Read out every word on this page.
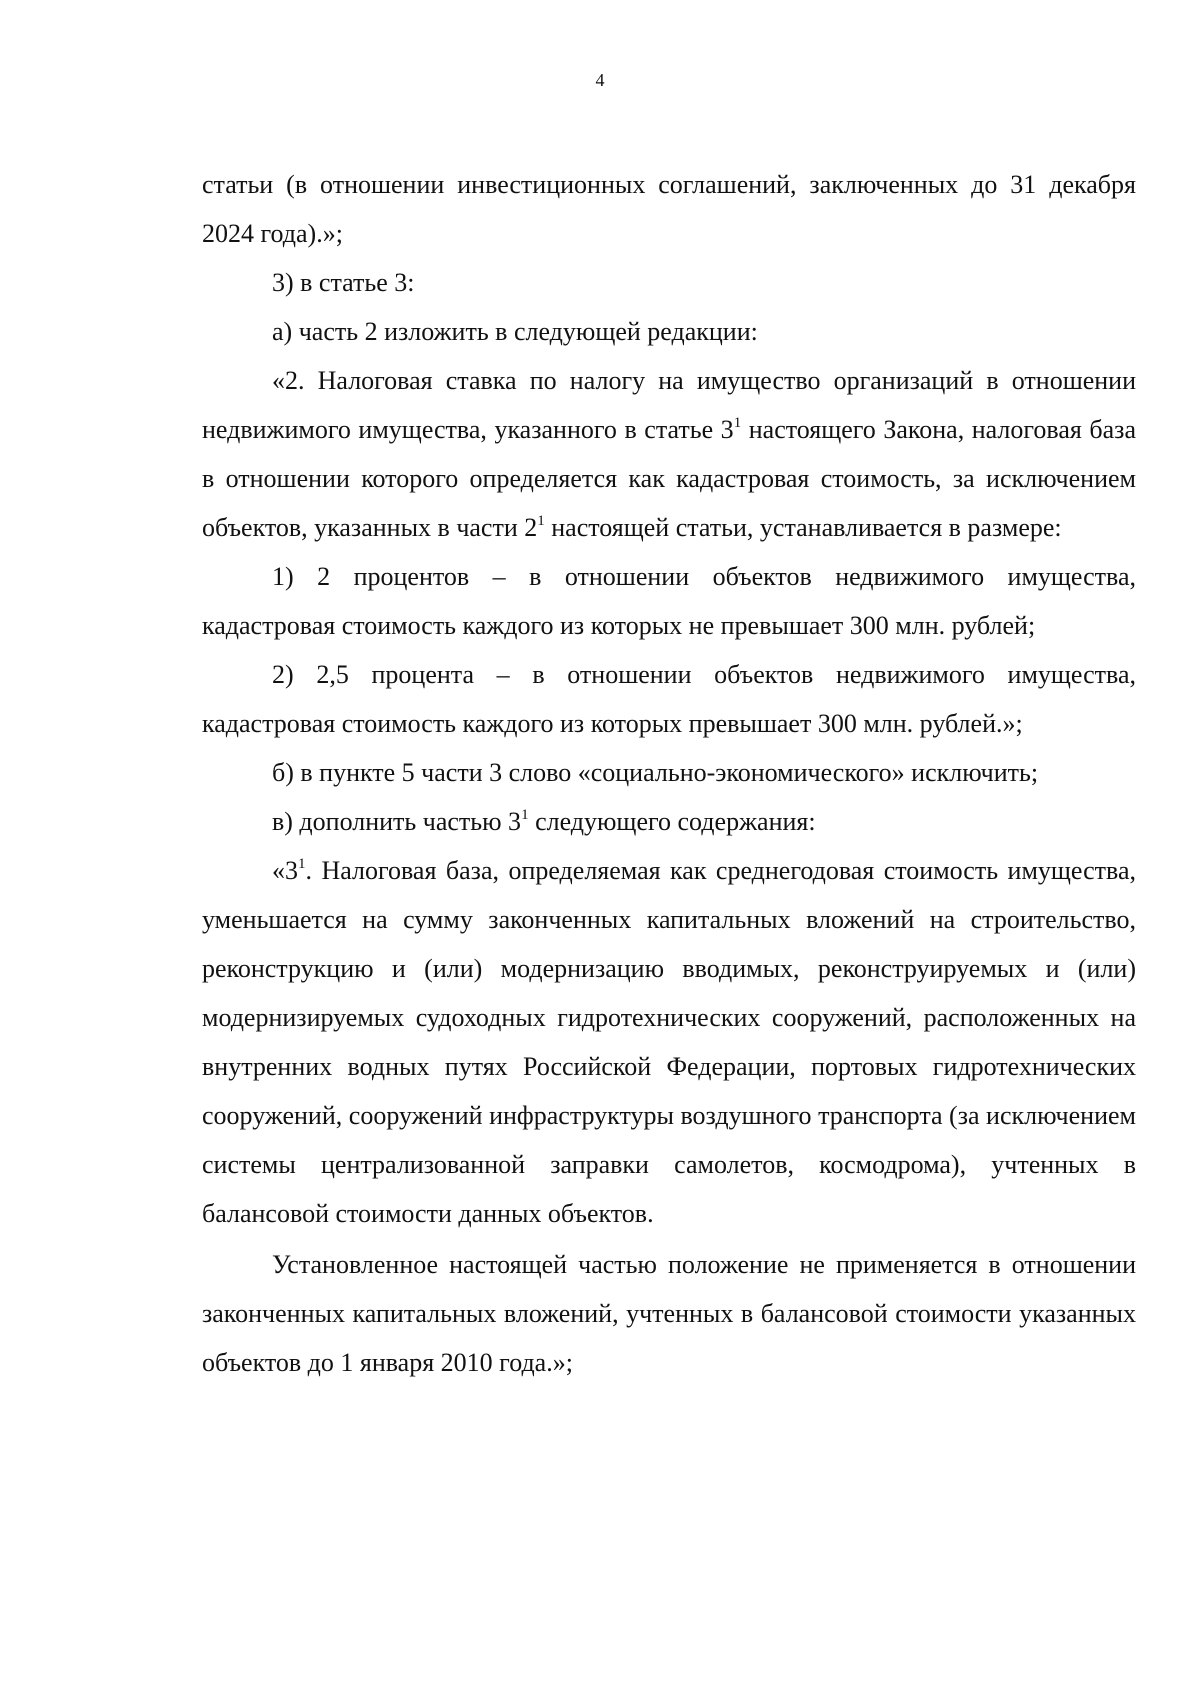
4

статьи (в отношении инвестиционных соглашений, заключенных до 31 декабря 2024 года).»;

3) в статье 3:

а) часть 2 изложить в следующей редакции:

«2. Налоговая ставка по налогу на имущество организаций в отношении недвижимого имущества, указанного в статье $3^1$ настоящего Закона, налоговая база в отношении которого определяется как кадастровая стоимость, за исключением объектов, указанных в части $2^1$ настоящей статьи, устанавливается в размере:

1) 2 процентов – в отношении объектов недвижимого имущества, кадастровая стоимость каждого из которых не превышает 300 млн. рублей;

2) 2,5 процента – в отношении объектов недвижимого имущества, кадастровая стоимость каждого из которых превышает 300 млн. рублей.»;

б) в пункте 5 части 3 слово «социально-экономического» исключить;

в) дополнить частью $3^1$ следующего содержания:

«$3^1$. Налоговая база, определяемая как среднегодовая стоимость имущества, уменьшается на сумму законченных капитальных вложений на строительство, реконструкцию и (или) модернизацию вводимых, реконструируемых и (или) модернизируемых судоходных гидротехнических сооружений, расположенных на внутренних водных путях Российской Федерации, портовых гидротехнических сооружений, сооружений инфраструктуры воздушного транспорта (за исключением системы централизованной заправки самолетов, космодрома), учтенных в балансовой стоимости данных объектов.

Установленное настоящей частью положение не применяется в отношении законченных капитальных вложений, учтенных в балансовой стоимости указанных объектов до 1 января 2010 года.»;
